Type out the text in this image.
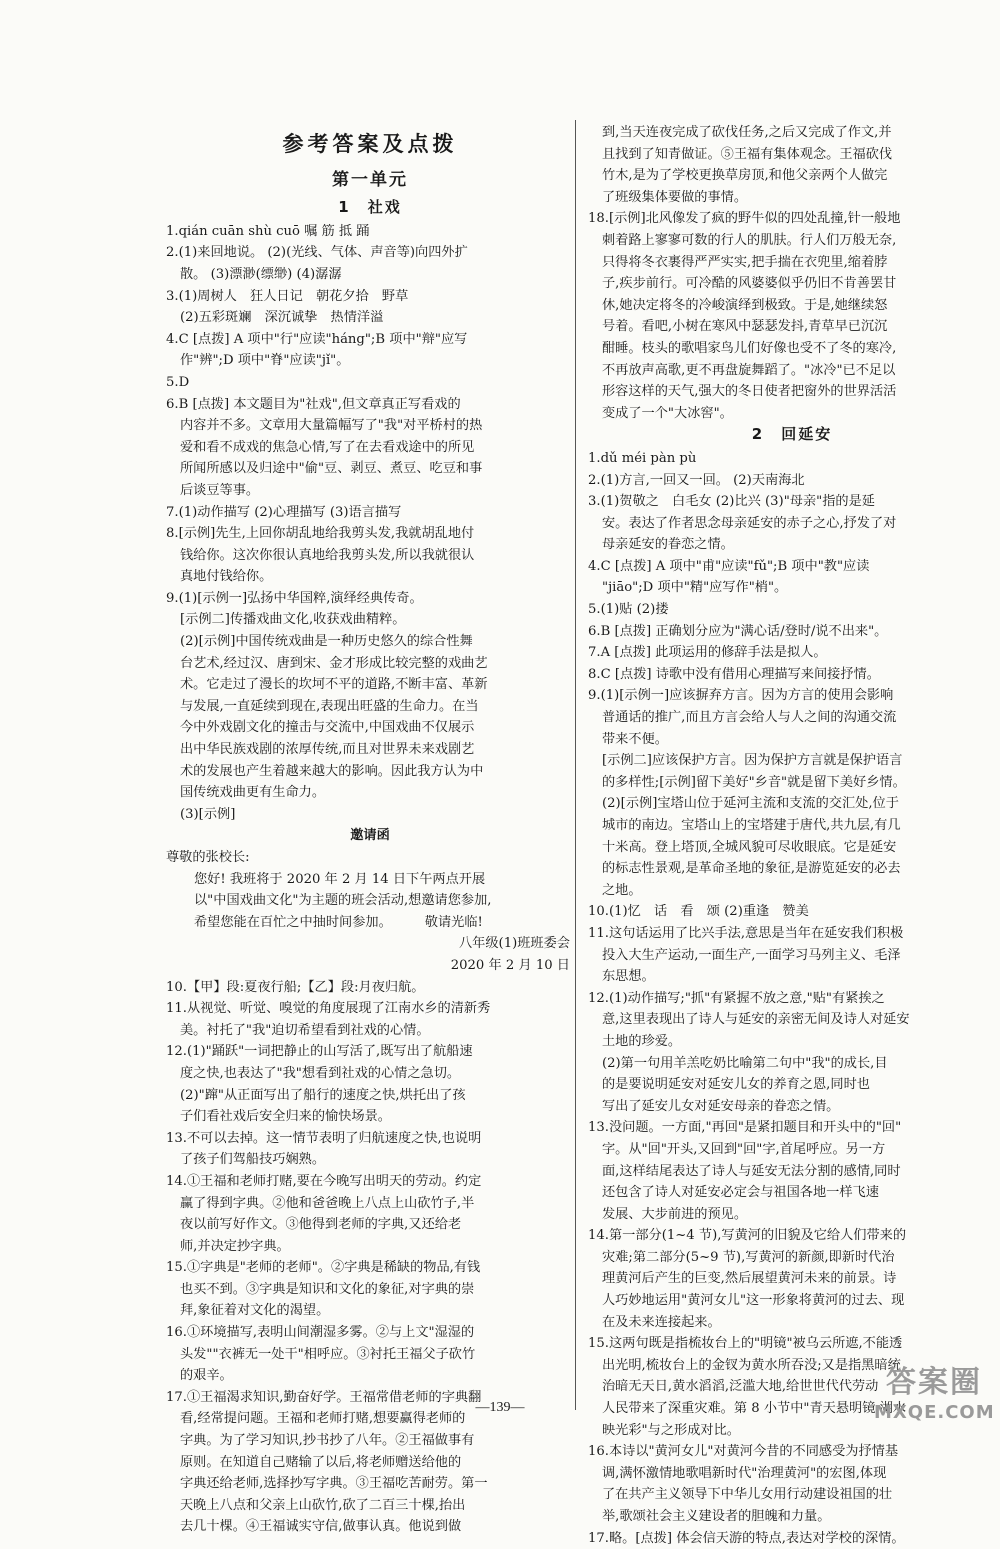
参考答案及点拨
第一单元
1　社戏

1.qián cuān shù cuō 嘱 筋 抵 踊

2.(1)来回地说。 (2)(光线、气体、声音等)向四外扩

散。 (3)漂渺(缥缈) (4)潺潺

3.(1)周树人　狂人日记　朝花夕拾　野草

(2)五彩斑斓　深沉诚挚　热情洋溢

4.C [点拨] A 项中"行"应读"háng";B 项中"辩"应写

作"辨";D 项中"脊"应读"jǐ"。

5.D

6.B [点拨] 本文题目为"社戏",但文章真正写看戏的

内容并不多。文章用大量篇幅写了"我"对平桥村的热

爱和看不成戏的焦急心情,写了在去看戏途中的所见

所闻所感以及归途中"偷"豆、剥豆、煮豆、吃豆和事

后谈豆等事。

7.(1)动作描写 (2)心理描写 (3)语言描写

8.[示例]先生,上回你胡乱地给我剪头发,我就胡乱地付

钱给你。这次你很认真地给我剪头发,所以我就很认

真地付钱给你。

9.(1)[示例一]弘扬中华国粹,演绎经典传奇。

[示例二]传播戏曲文化,收获戏曲精粹。

(2)[示例]中国传统戏曲是一种历史悠久的综合性舞

台艺术,经过汉、唐到宋、金才形成比较完整的戏曲艺

术。它走过了漫长的坎坷不平的道路,不断丰富、革新

与发展,一直延续到现在,表现出旺盛的生命力。在当

今中外戏剧文化的撞击与交流中,中国戏曲不仅展示

出中华民族戏剧的浓厚传统,而且对世界未来戏剧艺

术的发展也产生着越来越大的影响。因此我方认为中

国传统戏曲更有生命力。

(3)[示例]

邀请函

尊敬的张校长:

您好! 我班将于 2020 年 2 月 14 日下午两点开展

以"中国戏曲文化"为主题的班会活动,想邀请您参加,

希望您能在百忙之中抽时间参加。　　　敬请光临!

八年级(1)班班委会

2020 年 2 月 10 日

10.【甲】段:夏夜行船;【乙】段:月夜归航。

11.从视觉、听觉、嗅觉的角度展现了江南水乡的清新秀

美。衬托了"我"迫切希望看到社戏的心情。

12.(1)"踊跃"一词把静止的山写活了,既写出了航船速

度之快,也表达了"我"想看到社戏的心情之急切。

(2)"蹿"从正面写出了船行的速度之快,烘托出了孩

子们看社戏后安全归来的愉快场景。

13.不可以去掉。这一情节表明了归航速度之快,也说明

了孩子们驾船技巧娴熟。

14.①王福和老师打赌,要在今晚写出明天的劳动。约定

赢了得到字典。②他和爸爸晚上八点上山砍竹子,半

夜以前写好作文。③他得到老师的字典,又还给老

师,并决定抄字典。

15.①字典是"老师的老师"。②字典是稀缺的物品,有钱

也买不到。③字典是知识和文化的象征,对字典的崇

拜,象征着对文化的渴望。

16.①环境描写,表明山间潮湿多雾。②与上文"湿湿的

头发""衣裤无一处干"相呼应。③衬托王福父子砍竹

的艰辛。

17.①王福渴求知识,勤奋好学。王福常借老师的字典翻

看,经常提问题。王福和老师打赌,想要赢得老师的

字典。为了学习知识,抄书抄了八年。②王福做事有

原则。在知道自己赌输了以后,将老师赠送给他的

字典还给老师,选择抄写字典。③王福吃苦耐劳。第一

天晚上八点和父亲上山砍竹,砍了二百三十棵,抬出

去几十棵。④王福诚实守信,做事认真。他说到做

到,当天连夜完成了砍伐任务,之后又完成了作文,并

且找到了知青做证。⑤王福有集体观念。王福砍伐

竹木,是为了学校更换草房顶,和他父亲两个人做完

了班级集体要做的事情。

18.[示例]北风像发了疯的野牛似的四处乱撞,针一般地

刺着路上寥寥可数的行人的肌肤。行人们万般无奈,

只得将冬衣裹得严严实实,把手揣在衣兜里,缩着脖

子,疾步前行。可冷酷的风婆婆似乎仍旧不肯善罢甘

休,她决定将冬的冷峻演绎到极致。于是,她继续怒

号着。看吧,小树在寒风中瑟瑟发抖,青草早已沉沉

酣睡。枝头的歌唱家鸟儿们好像也受不了冬的寒冷,

不再放声高歌,更不再盘旋舞蹈了。"冰冷"已不足以

形容这样的天气,强大的冬日使者把窗外的世界活活

变成了一个"大冰窖"。

2　回延安

1.dǔ méi pàn pù

2.(1)方言,一回又一回。 (2)天南海北

3.(1)贺敬之　白毛女 (2)比兴 (3)"母亲"指的是延

安。表达了作者思念母亲延安的赤子之心,抒发了对

母亲延安的眷恋之情。

4.C [点拨] A 项中"甫"应读"fǔ";B 项中"教"应读

"jiāo";D 项中"精"应写作"梢"。

5.(1)贴 (2)搂

6.B [点拨] 正确划分应为"满心话/登时/说不出来"。

7.A [点拨] 此项运用的修辞手法是拟人。

8.C [点拨] 诗歌中没有借用心理描写来间接抒情。

9.(1)[示例一]应该摒弃方言。因为方言的使用会影响

普通话的推广,而且方言会给人与人之间的沟通交流

带来不便。

[示例二]应该保护方言。因为保护方言就是保护语言

的多样性;[示例]留下美好"乡音"就是留下美好乡情。

(2)[示例]宝塔山位于延河主流和支流的交汇处,位于

城市的南边。宝塔山上的宝塔建于唐代,共九层,有几

十米高。登上塔顶,全城风貌可尽收眼底。它是延安

的标志性景观,是革命圣地的象征,是游览延安的必去

之地。

10.(1)忆　话　看　颂 (2)重逢　赞美

11.这句话运用了比兴手法,意思是当年在延安我们积极

投入大生产运动,一面生产,一面学习马列主义、毛泽

东思想。

12.(1)动作描写;"抓"有紧握不放之意,"贴"有紧挨之

意,这里表现出了诗人与延安的亲密无间及诗人对延安

土地的珍爱。

(2)第一句用羊羔吃奶比喻第二句中"我"的成长,目

的是要说明延安对延安儿女的养育之恩,同时也

写出了延安儿女对延安母亲的眷恋之情。

13.没问题。一方面,"再回"是紧扣题目和开头中的"回"

字。从"回"开头,又回到"回"字,首尾呼应。另一方

面,这样结尾表达了诗人与延安无法分割的感情,同时

还包含了诗人对延安必定会与祖国各地一样飞速

发展、大步前进的预见。

14.第一部分(1~4 节),写黄河的旧貌及它给人们带来的

灾难;第二部分(5~9 节),写黄河的新颜,即新时代治

理黄河后产生的巨变,然后展望黄河未来的前景。诗

人巧妙地运用"黄河女儿"这一形象将黄河的过去、现

在及未来连接起来。

15.这两句既是指梳妆台上的"明镜"被乌云所遮,不能透

出光明,梳妆台上的金钗为黄水所吞没;又是指黑暗统

治暗无天日,黄水滔滔,泛滥大地,给世世代代劳动

人民带来了深重灾难。第 8 小节中"青天悬明镜,湖水

映光彩"与之形成对比。

16.本诗以"黄河女儿"对黄河今昔的不同感受为抒情基

调,满怀激情地歌唱新时代"治理黄河"的宏图,体现

了在共产主义领导下中华儿女用行动建设祖国的壮

举,歌颂社会主义建设者的胆魄和力量。

17.略。[点拨] 体会信天游的特点,表达对学校的深情。

—139—
答案圈
MXQE.COM
